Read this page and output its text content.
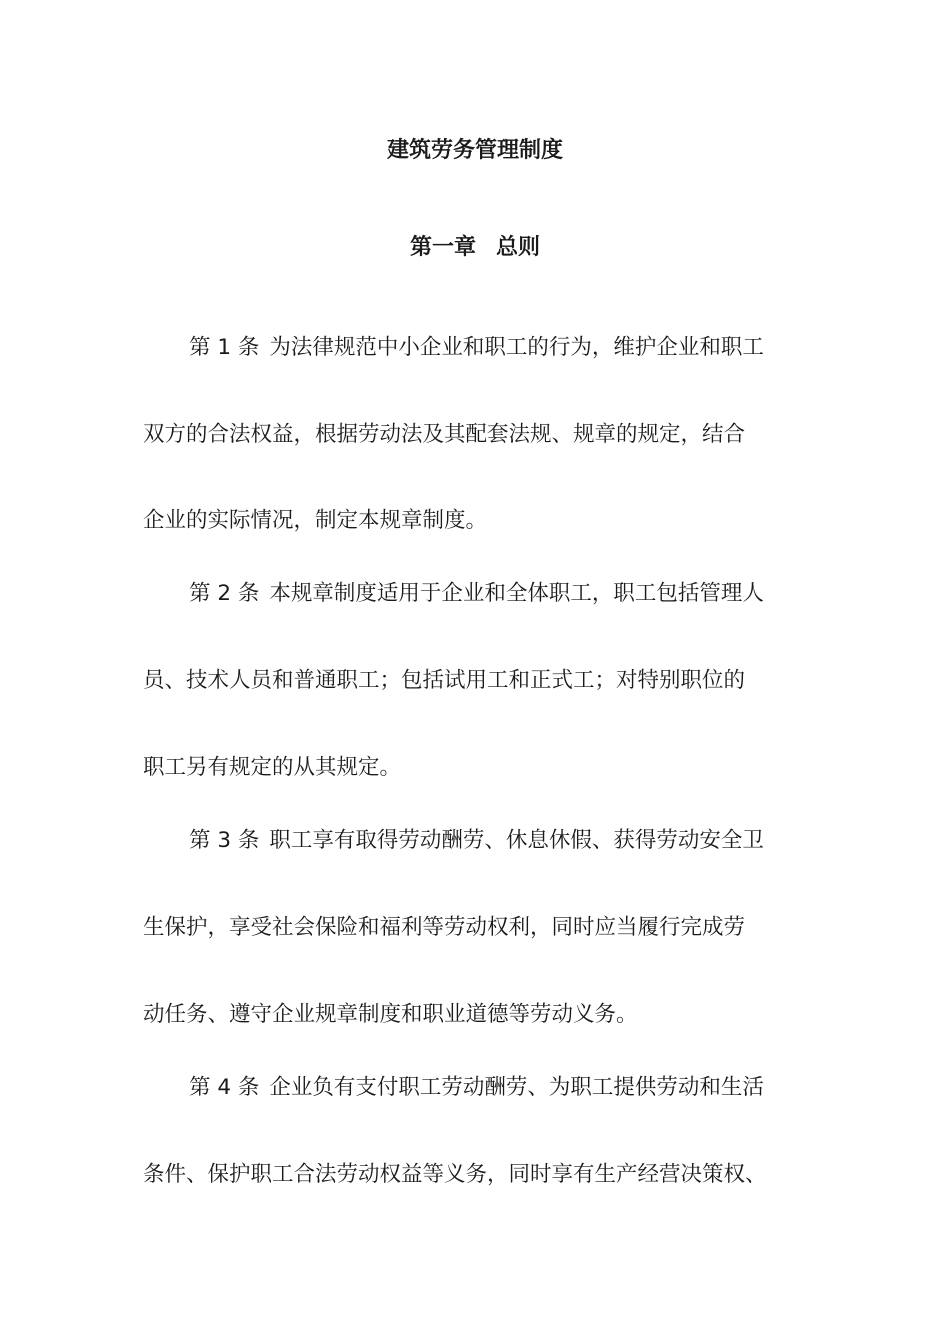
建筑劳务管理制度
第一章 总则
第 1 条 为法律规范中小企业和职工的行为，维护企业和职工
双方的合法权益，根据劳动法及其配套法规、规章的规定，结合
企业的实际情况，制定本规章制度。
第 2 条 本规章制度适用于企业和全体职工，职工包括管理人
员、技术人员和普通职工；包括试用工和正式工；对特别职位的
职工另有规定的从其规定。
第 3 条 职工享有取得劳动酬劳、休息休假、获得劳动安全卫
生保护，享受社会保险和福利等劳动权利，同时应当履行完成劳
动任务、遵守企业规章制度和职业道德等劳动义务。
第 4 条 企业负有支付职工劳动酬劳、为职工提供劳动和生活
条件、保护职工合法劳动权益等义务，同时享有生产经营决策权、
